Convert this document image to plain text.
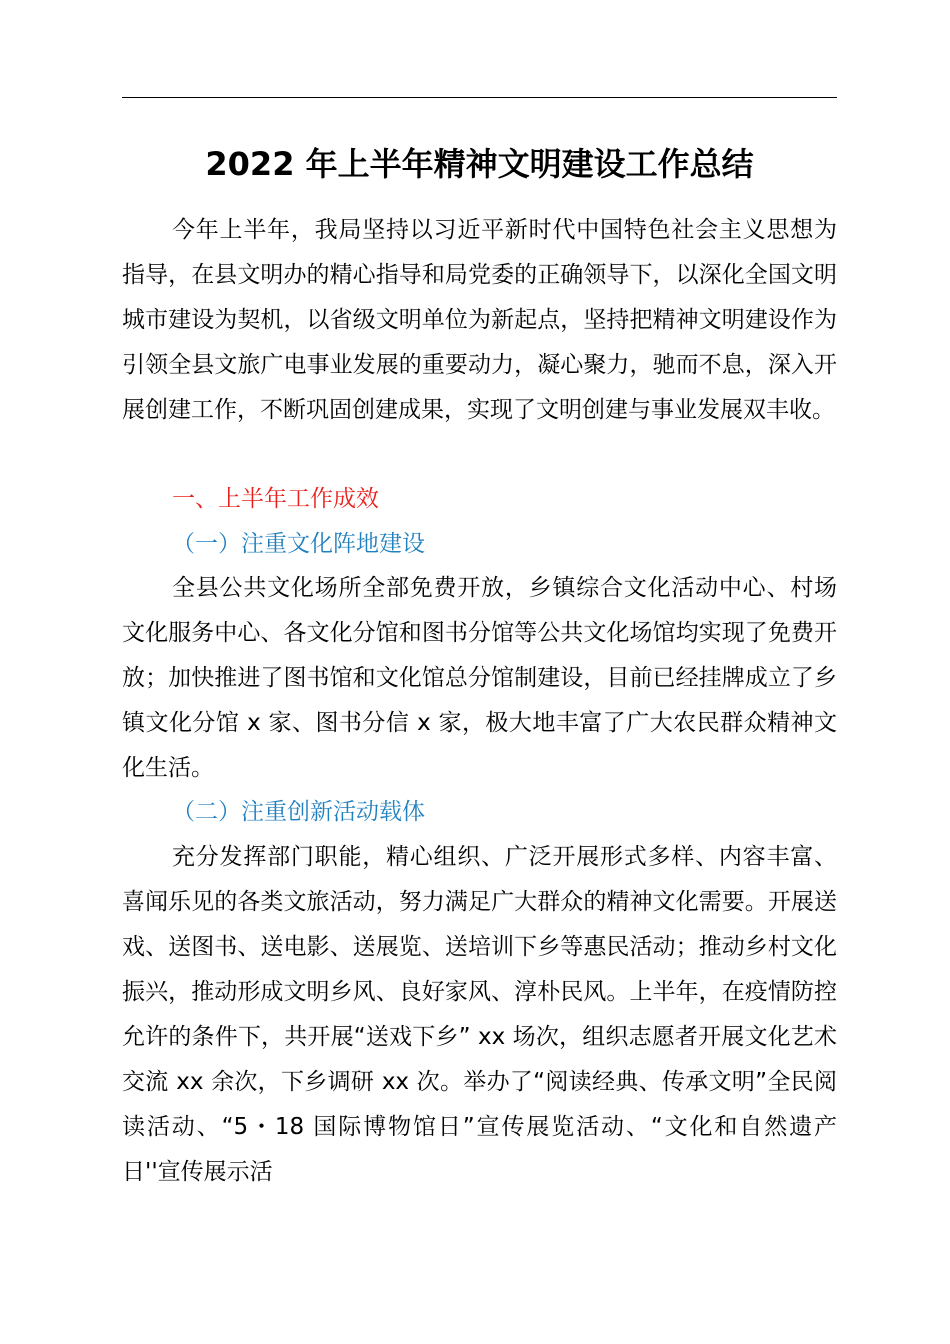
2022 年上半年精神文明建设工作总结
今年上半年，我局坚持以习近平新时代中国特色社会主义思想为指导，在县文明办的精心指导和局党委的正确领导下，以深化全国文明城市建设为契机，以省级文明单位为新起点，坚持把精神文明建设作为引领全县文旅广电事业发展的重要动力，凝心聚力，驰而不息，深入开展创建工作，不断巩固创建成果，实现了文明创建与事业发展双丰收。
一、上半年工作成效
（一）注重文化阵地建设
全县公共文化场所全部免费开放，乡镇综合文化活动中心、村场文化服务中心、各文化分馆和图书分馆等公共文化场馆均实现了免费开放；加快推进了图书馆和文化馆总分馆制建设，目前已经挂牌成立了乡镇文化分馆 x 家、图书分信 x 家，极大地丰富了广大农民群众精神文化生活。
（二）注重创新活动载体
充分发挥部门职能，精心组织、广泛开展形式多样、内容丰富、喜闻乐见的各类文旅活动，努力满足广大群众的精神文化需要。开展送戏、送图书、送电影、送展览、送培训下乡等惠民活动；推动乡村文化振兴，推动形成文明乡风、良好家风、淳朴民风。上半年，在疫情防控允许的条件下，共开展“送戏下乡” xx 场次，组织志愿者开展文化艺术交流 xx 余次，下乡调研 xx 次。举办了“阅读经典、传承文明”全民阅读活动、“5・18 国际博物馆日”宣传展览活动、“文化和自然遗产日''宣传展示活
